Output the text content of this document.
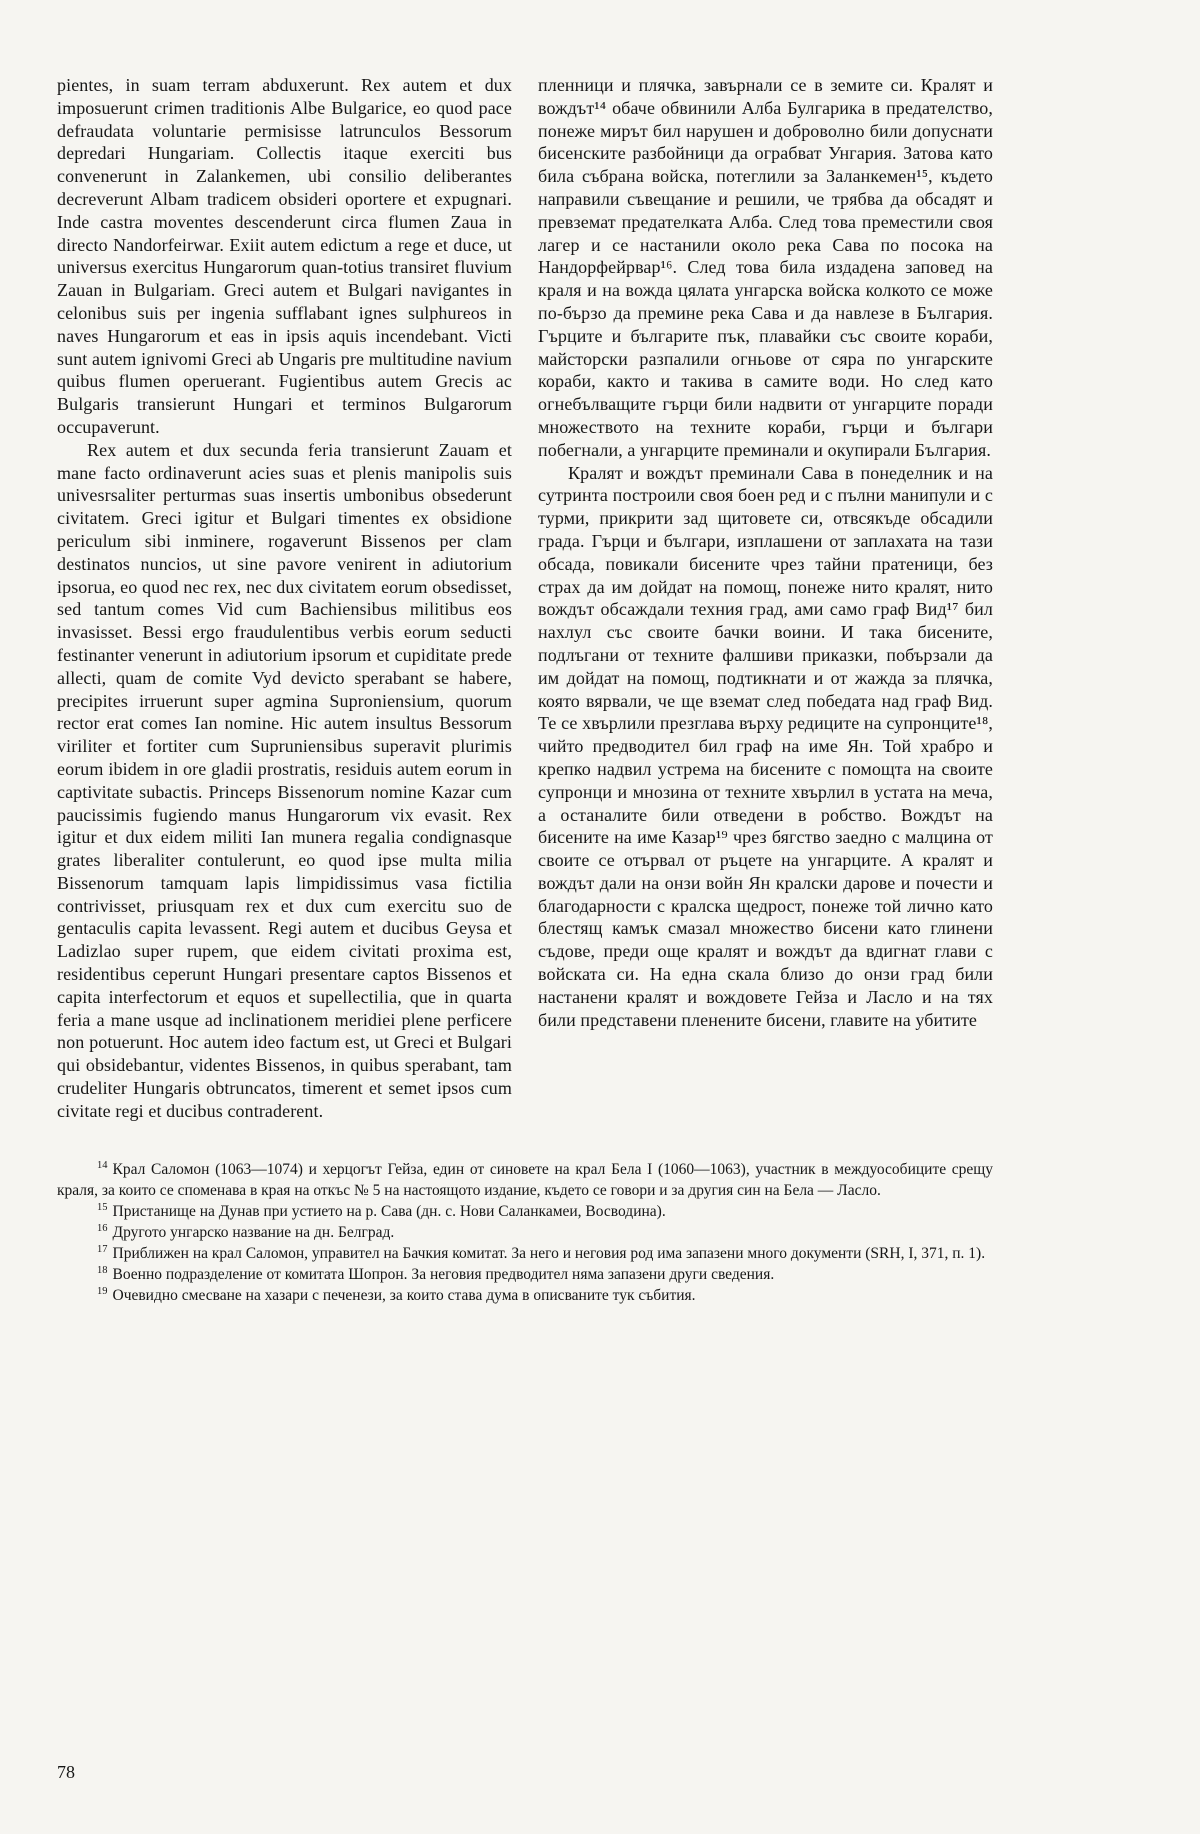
pientes, in suam terram abduxerunt. Rex autem et dux imposuerunt crimen traditionis Albe Bulgarice, eo quod pace defraudata voluntarie permisisse latrunculos Bessorum depredari Hungariam. Collectis itaque exerciti bus convenerunt in Zalankemen, ubi consilio deliberantes decreverunt Albam tradicem obsideri oportere et expugnari. Inde castra moventes descenderunt circa flumen Zaua in directo Nandorfeirwar. Exiit autem edictum a rege et duce, ut universus exercitus Hungarorum quan-totius transiret fluvium Zauan in Bulgariam. Greci autem et Bulgari navigantes in celonibus suis per ingenia sufflabant ignes sulphureos in naves Hungarorum et eas in ipsis aquis incendebant. Victi sunt autem ignivomi Greci ab Ungaris pre multitudine navium quibus flumen operuerant. Fugientibus autem Grecis ac Bulgaris transierunt Hungari et terminos Bulgarorum occupaverunt.

Rex autem et dux secunda feria transierunt Zauam et mane facto ordinaverunt acies suas et plenis manipolis suis univesrsaliter perturmas suas insertis umbonibus obsederunt civitatem. Greci igitur et Bulgari timentes ex obsidione periculum sibi inminere, rogaverunt Bissenos per clam destinatos nuncios, ut sine pavore venirent in adiutorium ipsorua, eo quod nec rex, nec dux civitatem eorum obsedisset, sed tantum comes Vid cum Bachiensibus militibus eos invasisset. Bessi ergo fraudulentibus verbis eorum seducti festinanter venerunt in adiutorium ipsorum et cupiditate prede allecti, quam de comite Vyd devicto sperabant se habere, precipites irruerunt super agmina Suproniensium, quorum rector erat comes Ian nomine. Hic autem insultus Bessorum viriliter et fortiter cum Supruniensibus superavit plurimis eorum ibidem in ore gladii prostratis, residuis autem eorum in captivitate subactis. Princeps Bissenorum nomine Kazar cum paucissimis fugiendo manus Hungarorum vix evasit. Rex igitur et dux eidem militi Ian munera regalia condignasque grates liberaliter contulerunt, eo quod ipse multa milia Bissenorum tamquam lapis limpidissimus vasa fictilia contrivisset, priusquam rex et dux cum exercitu suo de gentaculis capita levassent. Regi autem et ducibus Geysa et Ladizlao super rupem, que eidem civitati proxima est, residentibus ceperunt Hungari presentare captos Bissenos et capita interfectorum et equos et supellectilia, que in quarta feria a mane usque ad inclinationem meridiei plene perficere non potuerunt. Hoc autem ideo factum est, ut Greci et Bulgari qui obsidebantur, videntes Bissenos, in quibus sperabant, tam crudeliter Hungaris obtruncatos, timerent et semet ipsos cum civitate regi et ducibus contraderent.

пленници и плячка, завърнали се в земите си. Кралят и вождът¹⁴ обаче обвинили Алба Булгарика в предателство, понеже мирът бил нарушен и доброволно били допуснати бисенските разбойници да ограбват Унгария. Затова като била събрана войска, потеглили за Заланкемен¹⁵, където направили съвещание и решили, че трябва да обсадят и превземат предателката Алба. След това преместили своя лагер и се настанили около река Сава по посока на Нандорфейрвар¹⁶. След това била издадена заповед на краля и на вожда цялата унгарска войска колкото се може по-бързо да премине река Сава и да навлезе в България. Гърците и българите пък, плавайки със своите кораби, майсторски разпалили огньове от сяра по унгарските кораби, както и такива в самите води. Но след като огнебълващите гърци били надвити от унгарците поради множеството на техните кораби, гърци и българи побегнали, а унгарците преминали и окупирали България.

Кралят и вождът преминали Сава в понеделник и на сутринта построили своя боен ред и с пълни манипули и с турми, прикрити зад щитовете си, отвсякъде обсадили града. Гърци и българи, изплашени от заплахата на тази обсада, повикали бисените чрез тайни пратеници, без страх да им дойдат на помощ, понеже нито кралят, нито вождът обсаждали техния град, ами само граф Вид¹⁷ бил нахлул със своите бачки воини. И така бисените, подлъгани от техните фалшиви приказки, побързали да им дойдат на помощ, подтикнати и от жажда за плячка, която вярвали, че ще вземат след победата над граф Вид. Те се хвърлили презглава върху редиците на супронците¹⁸, чийто предводител бил граф на име Ян. Той храбро и крепко надвил устрема на бисените с помощта на своите супронци и мнозина от техните хвърлил в устата на меча, а останалите били отведени в робство. Вождът на бисените на име Казар¹⁹ чрез бягство заедно с малцина от своите се отървал от ръцете на унгарците. А кралят и вождът дали на онзи войн Ян кралски дарове и почести и благодарности с кралска щедрост, понеже той лично като блестящ камък смазал множество бисени като глинени съдове, преди още кралят и вождът да вдигнат глави с войската си. На една скала близо до онзи град били настанени кралят и вождовете Гейза и Ласло и на тях били представени пленените бисени, главите на убитите

$^{14}$ Крал Саломон (1063—1074) и херцогът Гейза, един от синовете на крал Бела I (1060—1063), участник в междуособиците срещу краля, за които се споменава в края на откъс № 5 на настоящото издание, където се говори и за другия син на Бела — Ласло.

$^{15}$ Пристанище на Дунав при устието на р. Сава (дн. с. Нови Саланкамеи, Восводина).

$^{16}$ Другото унгарско название на дн. Белград.

$^{17}$ Приближен на крал Саломон, управител на Бачкия комитат. За него и неговия род има запазени много документи (SRH, I, 371, п. 1).

$^{18}$ Военно подразделение от комитата Шопрон. За неговия предводител няма запазени други сведения.

$^{19}$ Очевидно смесване на хазари с печенези, за които става дума в описваните тук събития.

78
